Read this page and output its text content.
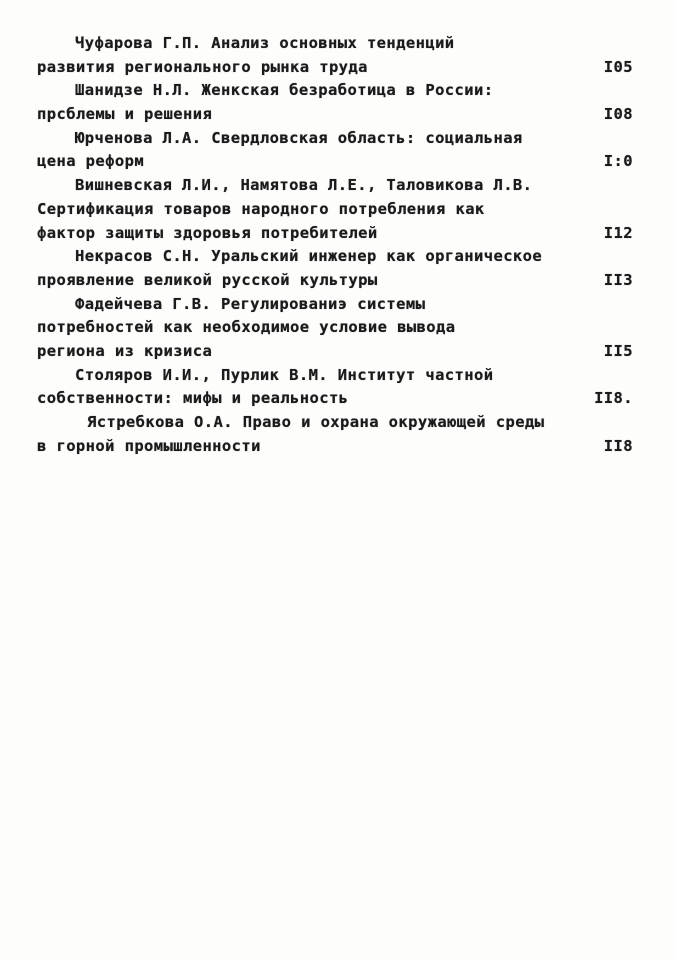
Чуфарова Г.П. Анализ основных тенденций
развития регионального рынка труда	I05
Шанидзе Н.Л. Женкская безработица в России:
прсблемы и решения	I08
Юрченова Л.А. Свердловская область: социальная
цена реформ	I:0
Вишневская Л.И., Намятова Л.Е., Таловикова Л.В.
Сертификация товаров народного потребления как
фактор защиты здоровья потребителей	I12
Некрасов С.Н. Уральский инженер как органическое
проявление великой русской культуры	II3
Фадейчева Г.В. Регулированиэ системы
потребностей как необходимое условие вывода
региона из кризиса	II5
Столяров И.И., Пурлик В.М. Институт частной
собственности: мифы и реальность	II8.
Ястребкова О.А. Право и охрана окружающей среды
в горной промышленности	II8
